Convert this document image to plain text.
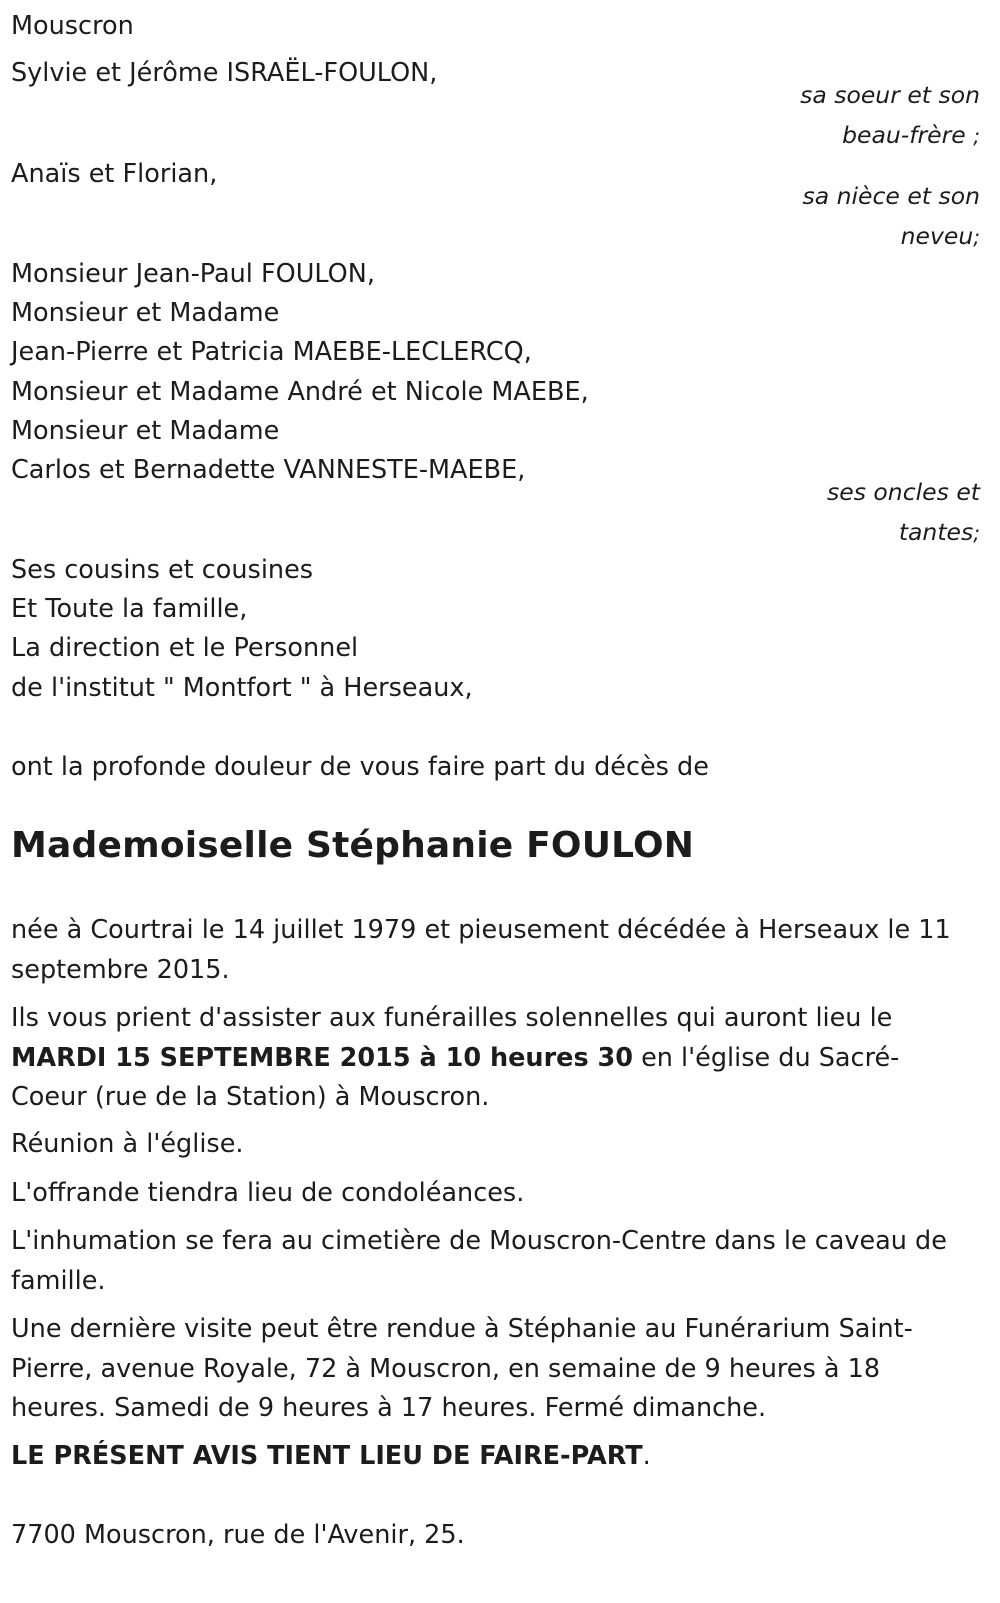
Mouscron
Sylvie et Jérôme ISRAËL-FOULON,
sa soeur et son
beau-frère ;
Anaïs et Florian,
sa nièce et son
neveu;
Monsieur Jean-Paul FOULON,
Monsieur et Madame
Jean-Pierre et Patricia MAEBE-LECLERCQ,
Monsieur et Madame André et Nicole MAEBE,
Monsieur et Madame
Carlos et Bernadette VANNESTE-MAEBE,
ses oncles et
tantes;
Ses cousins et cousines
Et Toute la famille,
La direction et le Personnel
de l'institut " Montfort " à Herseaux,
ont la profonde douleur de vous faire part du décès de
Mademoiselle Stéphanie FOULON
née à Courtrai le 14 juillet 1979 et pieusement décédée à Herseaux le 11 septembre 2015.
Ils vous prient d'assister aux funérailles solennelles qui auront lieu le MARDI 15 SEPTEMBRE 2015 à 10 heures 30 en l'église du Sacré-Coeur (rue de la Station) à Mouscron.
Réunion à l'église.
L'offrande tiendra lieu de condoléances.
L'inhumation se fera au cimetière de Mouscron-Centre dans le caveau de famille.
Une dernière visite peut être rendue à Stéphanie au Funérarium Saint-Pierre, avenue Royale, 72 à Mouscron, en semaine de 9 heures à 18 heures. Samedi de 9 heures à 17 heures. Fermé dimanche.
LE PRÉSENT AVIS TIENT LIEU DE FAIRE-PART.
7700 Mouscron, rue de l'Avenir, 25.
